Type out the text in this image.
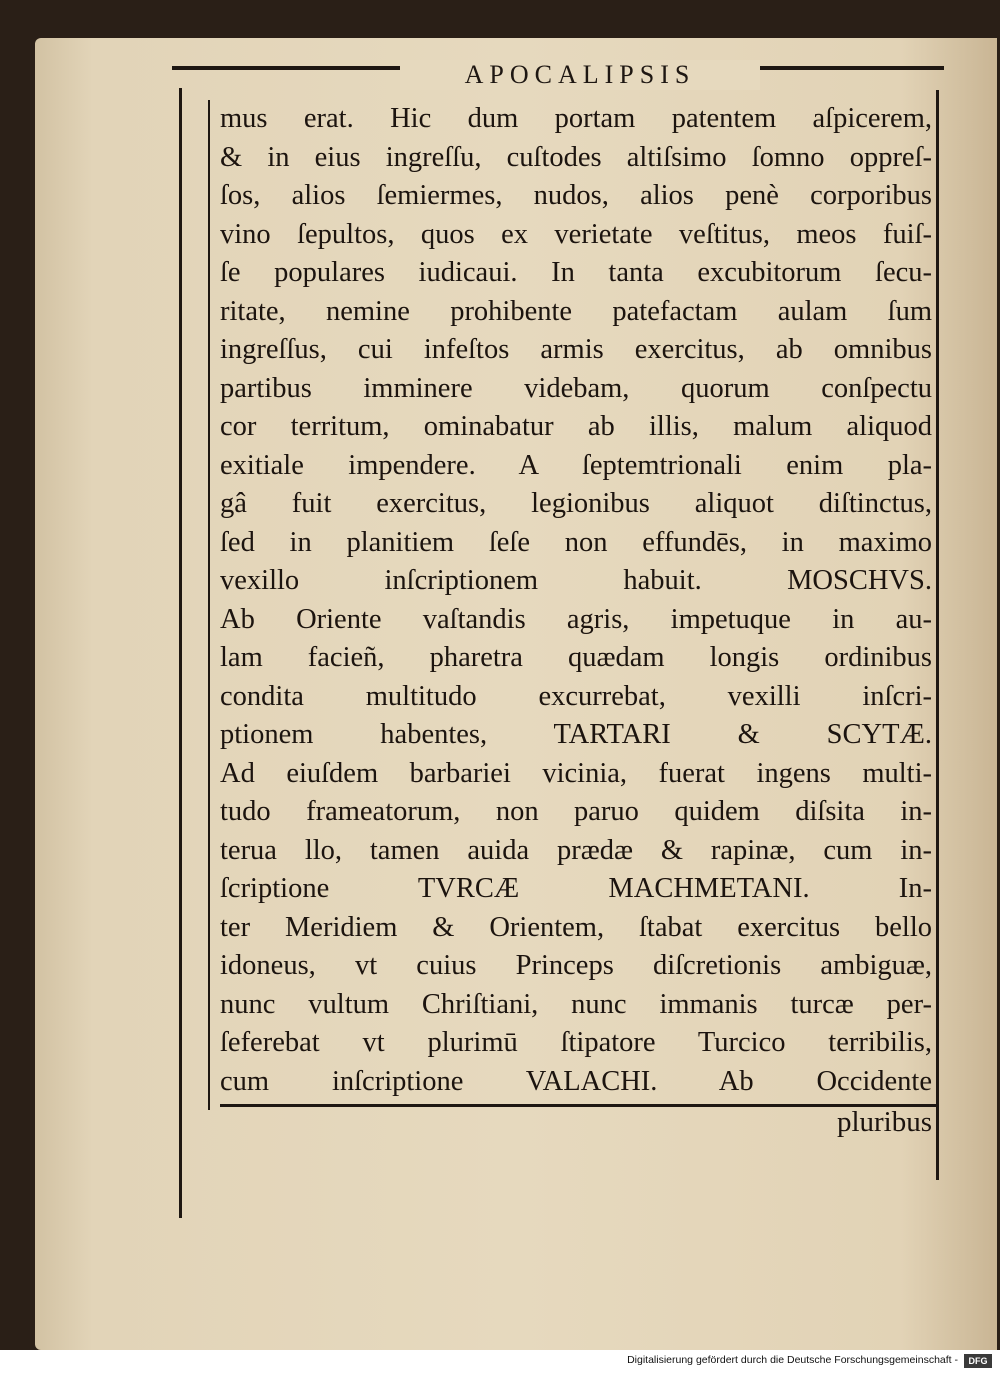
APOCALIPSIS
mus erat. Hic dum portam patentem aſpicerem,
& in eius ingreſſu, cuſtodes altiſsimo ſomno oppreſ-
ſos, alios ſemiermes, nudos, alios penè corporibus
vino ſepultos, quos ex verietate veſtitus, meos fuiſ-
ſe populares iudicaui. In tanta excubitorum ſecu-
ritate, nemine prohibente patefactam aulam ſum
ingreſſus, cui infeſtos armis exercitus, ab omnibus
partibus imminere videbam, quorum conſpectu
cor territum, ominabatur ab illis, malum aliquod
exitiale impendere. A ſeptemtrionali enim pla-
gâ fuit exercitus, legionibus aliquot diſtinctus,
ſed in planitiem ſeſe non effundēs, in maximo
vexillo inſcriptionem habuit. MOSCHVS.
Ab Oriente vaſtandis agris, impetuque in au-
lam facieñ, pharetra quædam longis ordinibus
condita multitudo excurrebat, vexilli inſcri-
ptionem habentes, TARTARI & SCYTÆ.
Ad eiuſdem barbariei vicinia, fuerat ingens multi-
tudo frameatorum, non paruo quidem diſsita in-
terua llo, tamen auida prædæ & rapinæ, cum in-
ſcriptione TVRCÆ MACHMETANI. In-
ter Meridiem & Orientem, ſtabat exercitus bello
idoneus, vt cuius Princeps diſcretionis ambiguæ,
nunc vultum Chriſtiani, nunc immanis turcæ per-
ſeferebat vt plurimū ſtipatore Turcico terribilis,
cum inſcriptione VALACHI. Ab Occidente
pluribus
Digitalisierung gefördert durch die Deutsche Forschungsgemeinschaft -	DFG
